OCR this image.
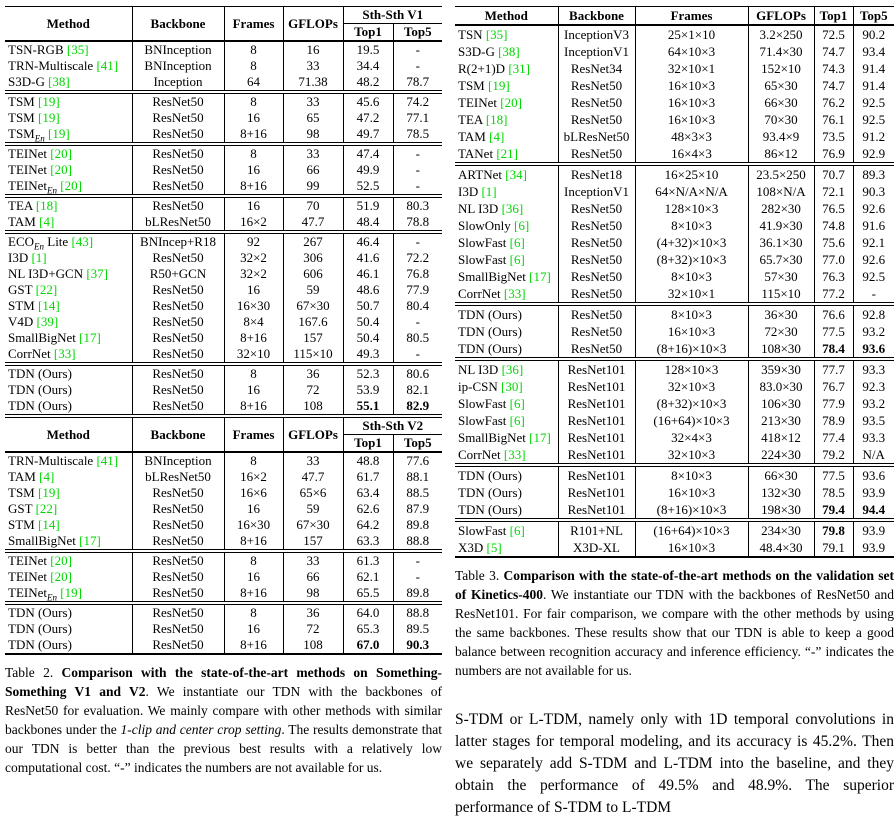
Method	Backbone	Frames	GFLOPs	Sth-Sth V1	
				Top1	Top5
TSN-RGB [35]	BNInception	8	16	19.5	-
TRN-Multiscale [41]	BNInception	8	33	34.4	-
S3D-G [38]	Inception	64	71.38	48.2	78.7
TSM [19]	ResNet50	8	33	45.6	74.2
TSM [19]	ResNet50	16	65	47.2	77.1
$TSM_{En}$ [19]	ResNet50	8+16	98	49.7	78.5
TEINet [20]	ResNet50	8	33	47.4	-
TEINet [20]	ResNet50	16	66	49.9	-
TEINet$_{En}$ [20]	ResNet50	8+16	99	52.5	-
TEA [18]	ResNet50	16	70	51.9	80.3
TAM [4]	bLResNet50	16×2	47.7	48.4	78.8
$ECO_{En}$ Lite [43]	BNIncep+R18	92	267	46.4	-
I3D [1]	ResNet50	32×2	306	41.6	72.2
NL I3D+GCN [37]	R50+GCN	32×2	606	46.1	76.8
GST [22]	ResNet50	16	59	48.6	77.9
STM [14]	ResNet50	16×30	67×30	50.7	80.4
V4D [39]	ResNet50	8×4	167.6	50.4	-
SmallBigNet [17]	ResNet50	8+16	157	50.4	80.5
CorrNet [33]	ResNet50	32×10	115×10	49.3	-
TDN (Ours)	ResNet50	8	36	52.3	80.6
TDN (Ours)	ResNet50	16	72	53.9	82.1
TDN (Ours)	ResNet50	8+16	108	55.1	82.9
Method	Backbone	Frames	GFLOPs	Sth-Sth V2	
				Top1	Top5
TRN-Multiscale [41]	BNInception	8	33	48.8	77.6
TAM [4]	bLResNet50	16×2	47.7	61.7	88.1
TSM [19]	ResNet50	16×6	65×6	63.4	88.5
GST [22]	ResNet50	16	59	62.6	87.9
STM [14]	ResNet50	16×30	67×30	64.2	89.8
SmallBigNet [17]	ResNet50	8+16	157	63.3	88.8
TEINet [20]	ResNet50	8	33	61.3	-
TEINet [20]	ResNet50	16	66	62.1	-
TEINet$_{En}$ [19]	ResNet50	8+16	98	65.5	89.8
TDN (Ours)	ResNet50	8	36	64.0	88.8
TDN (Ours)	ResNet50	16	72	65.3	89.5
TDN (Ours)	ResNet50	8+16	108	67.0	90.3

Table 2. Comparison with the state-of-the-art methods on Something-Something V1 and V2. We instantiate our TDN with the backbones of ResNet50 for evaluation. We mainly compare with other methods with similar backbones under the 1-clip and center crop setting. The results demonstrate that our TDN is better than the previous best results with a relatively low computational cost. “-” indicates the numbers are not available for us.

Method	Backbone	Frames	GFLOPs	Top1	Top5
TSN [35]	InceptionV3	25×1×10	3.2×250	72.5	90.2
S3D-G [38]	InceptionV1	64×10×3	71.4×30	74.7	93.4
R(2+1)D [31]	ResNet34	32×10×1	152×10	74.3	91.4
TSM [19]	ResNet50	16×10×3	65×30	74.7	91.4
TEINet [20]	ResNet50	16×10×3	66×30	76.2	92.5
TEA [18]	ResNet50	16×10×3	70×30	76.1	92.5
TAM [4]	bLResNet50	48×3×3	93.4×9	73.5	91.2
TANet [21]	ResNet50	16×4×3	86×12	76.9	92.9
ARTNet [34]	ResNet18	16×25×10	23.5×250	70.7	89.3
I3D [1]	InceptionV1	64×N/A×N/A	108×N/A	72.1	90.3
NL I3D [36]	ResNet50	128×10×3	282×30	76.5	92.6
SlowOnly [6]	ResNet50	8×10×3	41.9×30	74.8	91.6
SlowFast [6]	ResNet50	(4+32)×10×3	36.1×30	75.6	92.1
SlowFast [6]	ResNet50	(8+32)×10×3	65.7×30	77.0	92.6
SmallBigNet [17]	ResNet50	8×10×3	57×30	76.3	92.5
CorrNet [33]	ResNet50	32×10×1	115×10	77.2	-
TDN (Ours)	ResNet50	8×10×3	36×30	76.6	92.8
TDN (Ours)	ResNet50	16×10×3	72×30	77.5	93.2
TDN (Ours)	ResNet50	(8+16)×10×3	108×30	78.4	93.6
NL I3D [36]	ResNet101	128×10×3	359×30	77.7	93.3
ip-CSN [30]	ResNet101	32×10×3	83.0×30	76.7	92.3
SlowFast [6]	ResNet101	(8+32)×10×3	106×30	77.9	93.2
SlowFast [6]	ResNet101	(16+64)×10×3	213×30	78.9	93.5
SmallBigNet [17]	ResNet101	32×4×3	418×12	77.4	93.3
CorrNet [33]	ResNet101	32×10×3	224×30	79.2	N/A
TDN (Ours)	ResNet101	8×10×3	66×30	77.5	93.6
TDN (Ours)	ResNet101	16×10×3	132×30	78.5	93.9
TDN (Ours)	ResNet101	(8+16)×10×3	198×30	79.4	94.4
SlowFast [6]	R101+NL	(16+64)×10×3	234×30	79.8	93.9
X3D [5]	X3D-XL	16×10×3	48.4×30	79.1	93.9

Table 3. Comparison with the state-of-the-art methods on the validation set of Kinetics-400. We instantiate our TDN with the backbones of ResNet50 and ResNet101. For fair comparison, we compare with the other methods by using the same backbones. These results show that our TDN is able to keep a good balance between recognition accuracy and inference efficiency. “-” indicates the numbers are not available for us.

S-TDM or L-TDM, namely only with 1D temporal convolutions in latter stages for temporal modeling, and its accuracy is 45.2%. Then we separately add S-TDM and L-TDM into the baseline, and they obtain the performance of 49.5% and 48.9%. The superior performance of S-TDM to L-TDM
